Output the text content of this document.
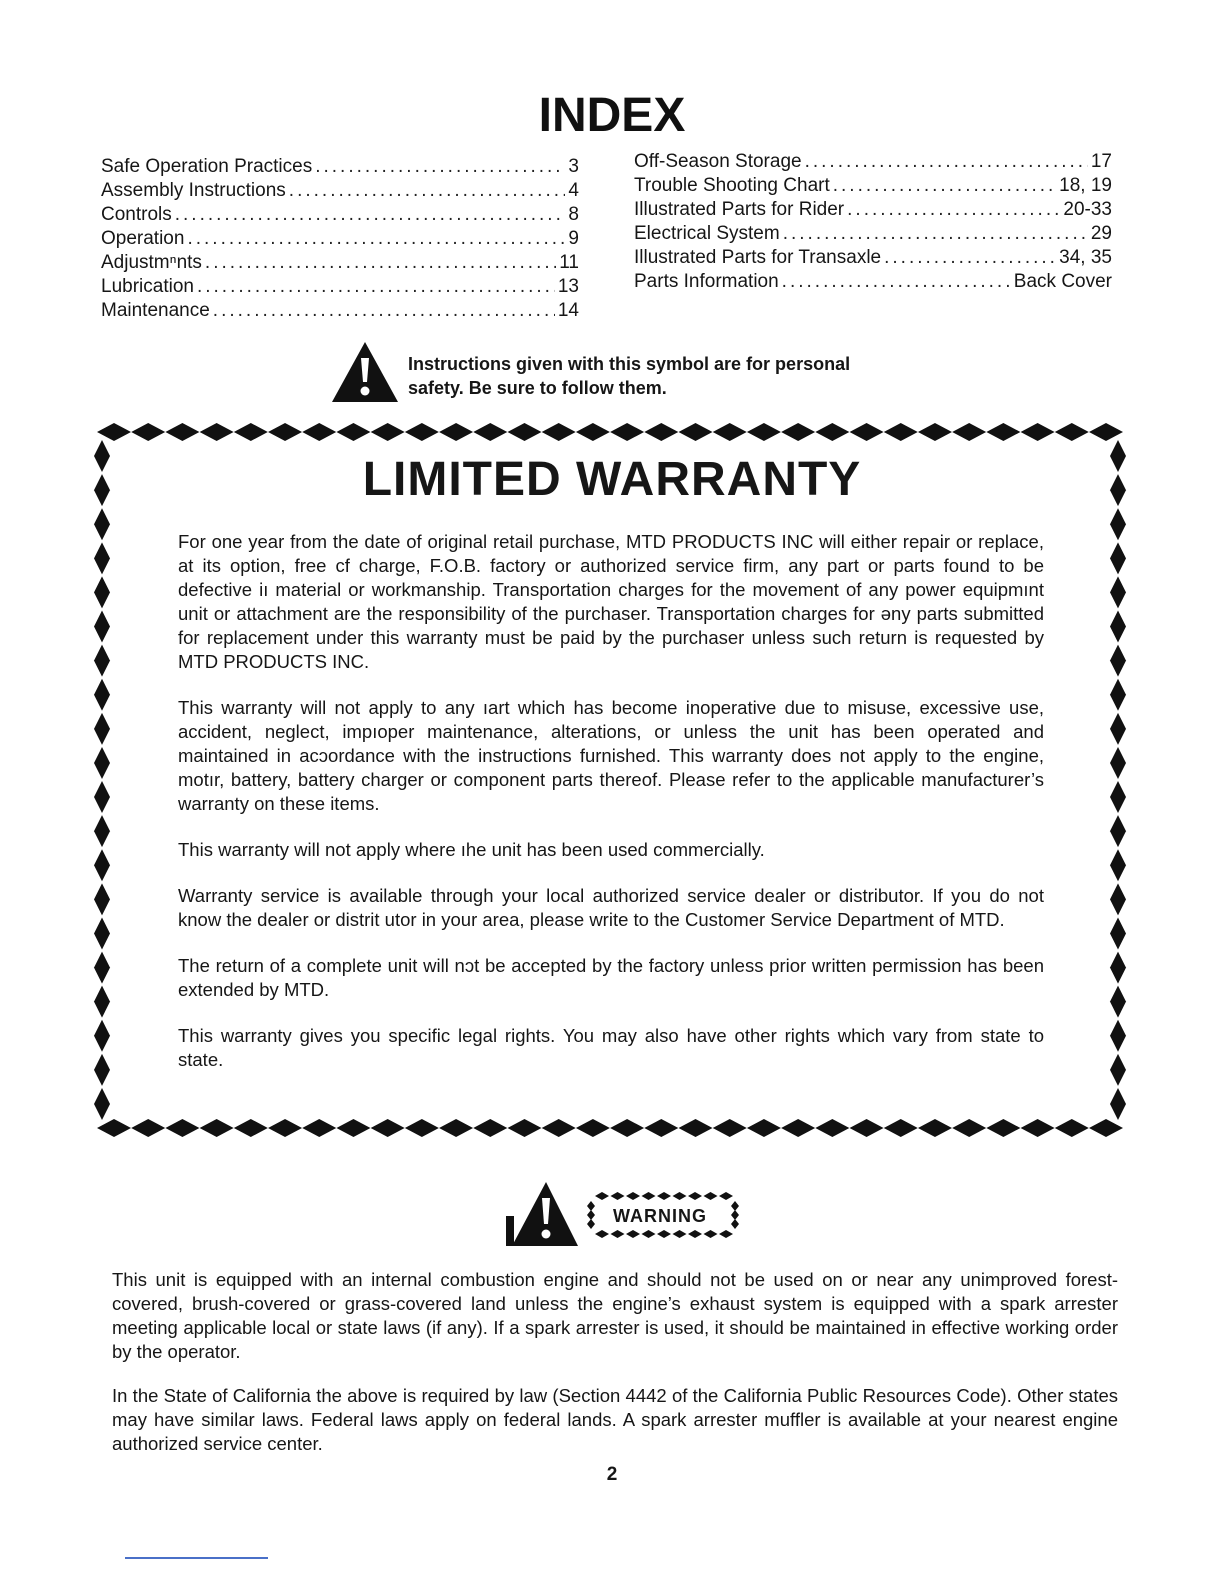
INDEX
Safe Operation Practices .....	3
Assembly Instructions .....	4
Controls .....	8
Operation .....	9
Adjustmⁿnts .....	11
Lubrication .....	13
Maintenance .....	14
Off-Season Storage .....	17
Trouble Shooting Chart .....	18, 19
Illustrated Parts for Rider .....	20-33
Electrical System .....	29
Illustrated Parts for Transaxle .....	34, 35
Parts Information .....	Back Cover
Instructions given with this symbol are for personal
safety. Be sure to follow them.
LIMITED WARRANTY

For one year from the date of original retail purchase, MTD PRODUCTS INC will either repair or replace, at its option, free cf charge, F.O.B. factory or authorized service firm, any part or parts found to be defective iı material or workmanship. Transportation charges for the movement of any power equipmınt unit or attachment are the responsibility of the purchaser. Transportation charges for əny parts submitted for replacement under this warranty must be paid by the purchaser unless such return is requested by MTD PRODUCTS INC.

This warranty will not apply to any ıart which has become inoperative due to misuse, excessive use, accident, neglect, impıoper maintenance, alterations, or unless the unit has been operated and maintained in acɔordance with the instructions furnished. This warranty does not apply to the engine, motır, battery, battery charger or component parts thereof. Please refer to the applicable manufacturer’s warranty on these items.

This warranty will not apply where ıhe unit has been used commercially.

Warranty service is available through your local authorized service dealer or distributor. If you do not know the dealer or distrit utor in your area, please write to the Customer Service Department of MTD.

The return of a complete unit will nɔt be accepted by the factory unless prior written permission has been extended by MTD.

This warranty gives you specific leɡal rights. You may also have other rights which vary from state to state.

WARNING

This unit is equipped with an internal combustion engine and should not be used on or near any unimproved forest-covered, brush-covered or ɡrass-covered land unless the engine’s exhaust system is equipped with a spark arrester meeting applicable local or state laws (if any). If a spark arrester is used, it should be maintained in effective working order by the operator.

In the State of California the above is required by law (Section 4442 of the California Public Resources Code). Other states may have similar laws. Federal laws apply on federal lands. A spark arrester muffler is available at your nearest engine authorized service center.

2
